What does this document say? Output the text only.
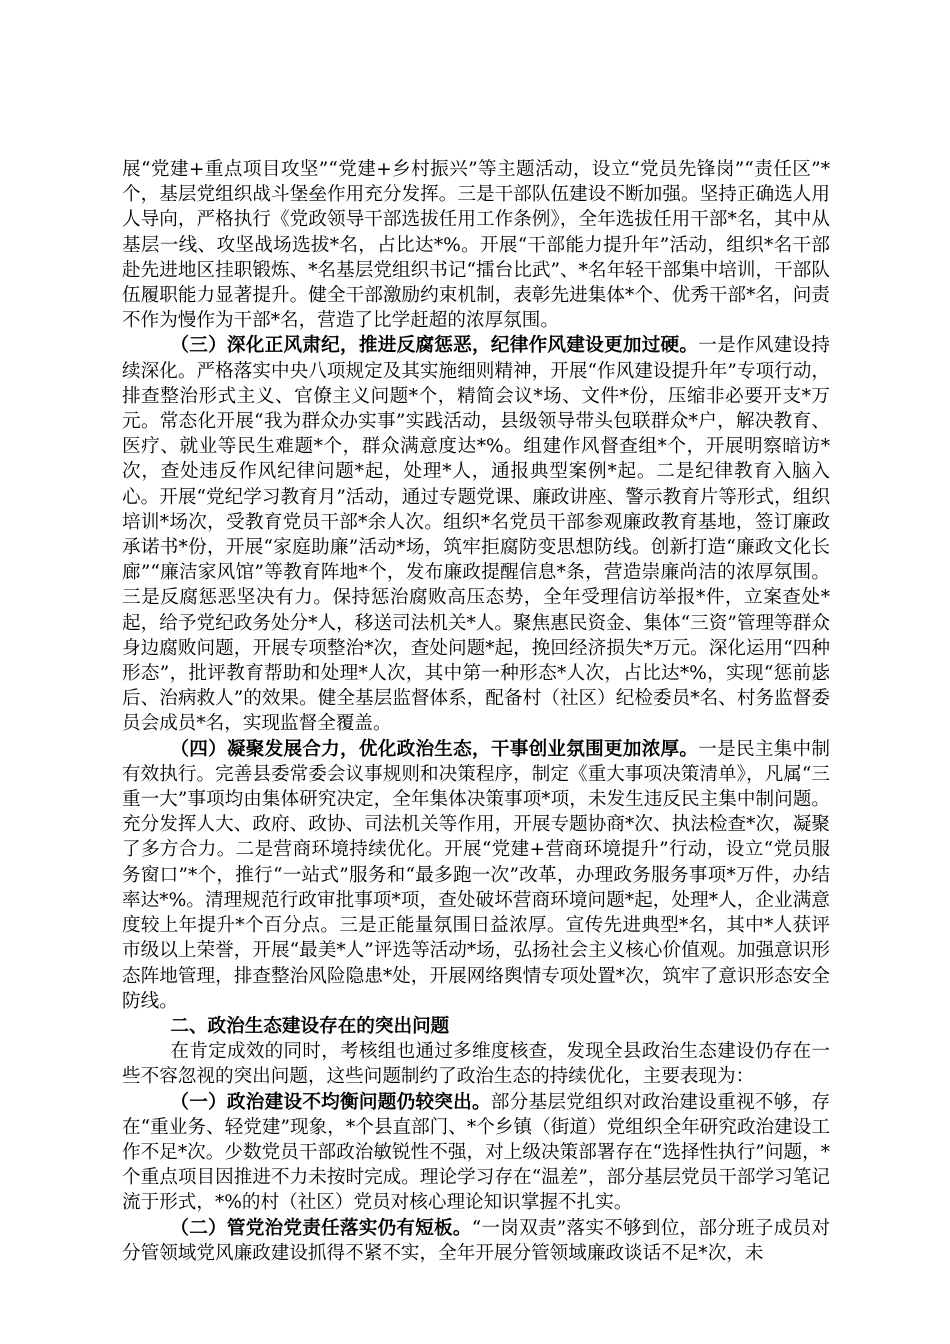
展“党建+重点项目攻坚”“党建+乡村振兴”等主题活动，设立“党员先锋岗”“责任区”*个，基层党组织战斗堡垒作用充分发挥。三是干部队伍建设不断加强。坚持正确选人用人导向，严格执行《党政领导干部选拔任用工作条例》，全年选拔任用干部*名，其中从基层一线、攻坚战场选拔*名，占比达*%。开展“干部能力提升年”活动，组织*名干部赴先进地区挂职锻炼、*名基层党组织书记“擂台比武”、*名年轻干部集中培训，干部队伍履职能力显著提升。健全干部激励约束机制，表彰先进集体*个、优秀干部*名，问责不作为慢作为干部*名，营造了比学赶超的浓厚氛围。

（三）深化正风肃纪，推进反腐惩恶，纪律作风建设更加过硬。一是作风建设持续深化。严格落实中央八项规定及其实施细则精神，开展“作风建设提升年”专项行动，排查整治形式主义、官僚主义问题*个，精简会议*场、文件*份，压缩非必要开支*万元。常态化开展“我为群众办实事”实践活动，县级领导带头包联群众*户，解决教育、医疗、就业等民生难题*个，群众满意度达*%。组建作风督查组*个，开展明察暗访*次，查处违反作风纪律问题*起，处理*人，通报典型案例*起。二是纪律教育入脑入心。开展“党纪学习教育月”活动，通过专题党课、廉政讲座、警示教育片等形式，组织培训*场次，受教育党员干部*余人次。组织*名党员干部参观廉政教育基地，签订廉政承诺书*份，开展“家庭助廉”活动*场，筑牢拒腐防变思想防线。创新打造“廉政文化长廊”“廉洁家风馆”等教育阵地*个，发布廉政提醒信息*条，营造崇廉尚洁的浓厚氛围。三是反腐惩恶坚决有力。保持惩治腐败高压态势，全年受理信访举报*件，立案查处*起，给予党纪政务处分*人，移送司法机关*人。聚焦惠民资金、集体“三资”管理等群众身边腐败问题，开展专项整治*次，查处问题*起，挽回经济损失*万元。深化运用“四种形态”，批评教育帮助和处理*人次，其中第一种形态*人次，占比达*%，实现“惩前毖后、治病救人”的效果。健全基层监督体系，配备村（社区）纪检委员*名、村务监督委员会成员*名，实现监督全覆盖。

（四）凝聚发展合力，优化政治生态，干事创业氛围更加浓厚。一是民主集中制有效执行。完善县委常委会议事规则和决策程序，制定《重大事项决策清单》，凡属“三重一大”事项均由集体研究决定，全年集体决策事项*项，未发生违反民主集中制问题。充分发挥人大、政府、政协、司法机关等作用，开展专题协商*次、执法检查*次，凝聚了多方合力。二是营商环境持续优化。开展“党建+营商环境提升”行动，设立“党员服务窗口”*个，推行“一站式”服务和“最多跑一次”改革，办理政务服务事项*万件，办结率达*%。清理规范行政审批事项*项，查处破坏营商环境问题*起，处理*人，企业满意度较上年提升*个百分点。三是正能量氛围日益浓厚。宣传先进典型*名，其中*人获评市级以上荣誉，开展“最美*人”评选等活动*场，弘扬社会主义核心价值观。加强意识形态阵地管理，排查整治风险隐患*处，开展网络舆情专项处置*次，筑牢了意识形态安全防线。

二、政治生态建设存在的突出问题

在肯定成效的同时，考核组也通过多维度核查，发现全县政治生态建设仍存在一些不容忽视的突出问题，这些问题制约了政治生态的持续优化，主要表现为：

（一）政治建设不均衡问题仍较突出。部分基层党组织对政治建设重视不够，存在“重业务、轻党建”现象，*个县直部门、*个乡镇（街道）党组织全年研究政治建设工作不足*次。少数党员干部政治敏锐性不强，对上级决策部署存在“选择性执行”问题，*个重点项目因推进不力未按时完成。理论学习存在“温差”，部分基层党员干部学习笔记流于形式，*%的村（社区）党员对核心理论知识掌握不扎实。

（二）管党治党责任落实仍有短板。“一岗双责”落实不够到位，部分班子成员对分管领域党风廉政建设抓得不紧不实，全年开展分管领域廉政谈话不足*次，未
